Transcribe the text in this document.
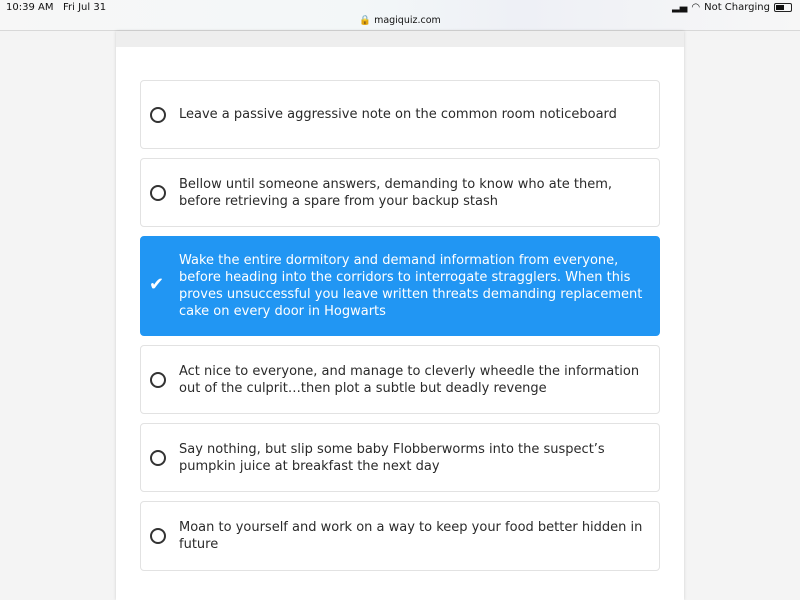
10:39 AM Fri Jul 31
🔒 magiquiz.com
▂▄ ◠ Not Charging
Leave a passive aggressive note on the common room noticeboard
Bellow until someone answers, demanding to know who ate them, before retrieving a spare from your backup stash
✔
Wake the entire dormitory and demand information from everyone, before heading into the corridors to interrogate stragglers. When this proves unsuccessful you leave written threats demanding replacement cake on every door in Hogwarts
Act nice to everyone, and manage to cleverly wheedle the information out of the culprit…then plot a subtle but deadly revenge
Say nothing, but slip some baby Flobberworms into the suspect’s pumpkin juice at breakfast the next day
Moan to yourself and work on a way to keep your food better hidden in future
